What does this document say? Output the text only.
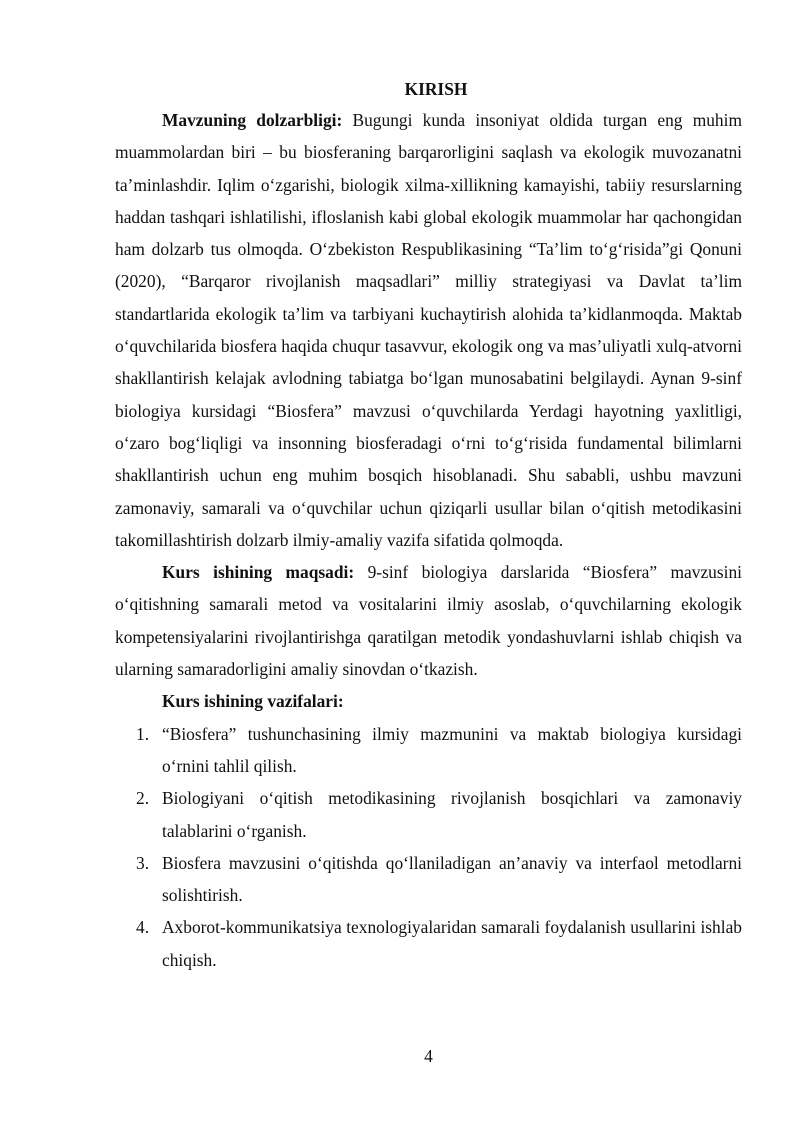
KIRISH

Mavzuning dolzarbligi: Bugungi kunda insoniyat oldida turgan eng muhim muammolardan biri – bu biosferaning barqarorligini saqlash va ekologik muvozanatni ta’minlashdir. Iqlim o‘zgarishi, biologik xilma-xillikning kamayishi, tabiiy resurslarning haddan tashqari ishlatilishi, ifloslanish kabi global ekologik muammolar har qachongidan ham dolzarb tus olmoqda. O‘zbekiston Respublikasining “Ta’lim to‘g‘risida”gi Qonuni (2020), “Barqaror rivojlanish maqsadlari” milliy strategiyasi va Davlat ta’lim standartlarida ekologik ta’lim va tarbiyani kuchaytirish alohida ta’kidlanmoqda. Maktab o‘quvchilarida biosfera haqida chuqur tasavvur, ekologik ong va mas’uliyatli xulq-atvorni shakllantirish kelajak avlodning tabiatga bo‘lgan munosabatini belgilaydi. Aynan 9-sinf biologiya kursidagi “Biosfera” mavzusi o‘quvchilarda Yerdagi hayotning yaxlitligi, o‘zaro bog‘liqligi va insonning biosferadagi o‘rni to‘g‘risida fundamental bilimlarni shakllantirish uchun eng muhim bosqich hisoblanadi. Shu sababli, ushbu mavzuni zamonaviy, samarali va o‘quvchilar uchun qiziqarli usullar bilan o‘qitish metodikasini takomillashtirish dolzarb ilmiy-amaliy vazifa sifatida qolmoqda.

Kurs ishining maqsadi: 9-sinf biologiya darslarida “Biosfera” mavzusini o‘qitishning samarali metod va vositalarini ilmiy asoslab, o‘quvchilarning ekologik kompetensiyalarini rivojlantirishga qaratilgan metodik yondashuvlarni ishlab chiqish va ularning samaradorligini amaliy sinovdan o‘tkazish.

Kurs ishining vazifalari:

1. “Biosfera” tushunchasining ilmiy mazmunini va maktab biologiya kursidagi o‘rnini tahlil qilish.
2. Biologiyani o‘qitish metodikasining rivojlanish bosqichlari va zamonaviy talablarini o‘rganish.
3. Biosfera mavzusini o‘qitishda qo‘llaniladigan an’anaviy va interfaol metodlarni solishtirish.
4. Axborot-kommunikatsiya texnologiyalaridan samarali foydalanish usullarini ishlab chiqish.
4
